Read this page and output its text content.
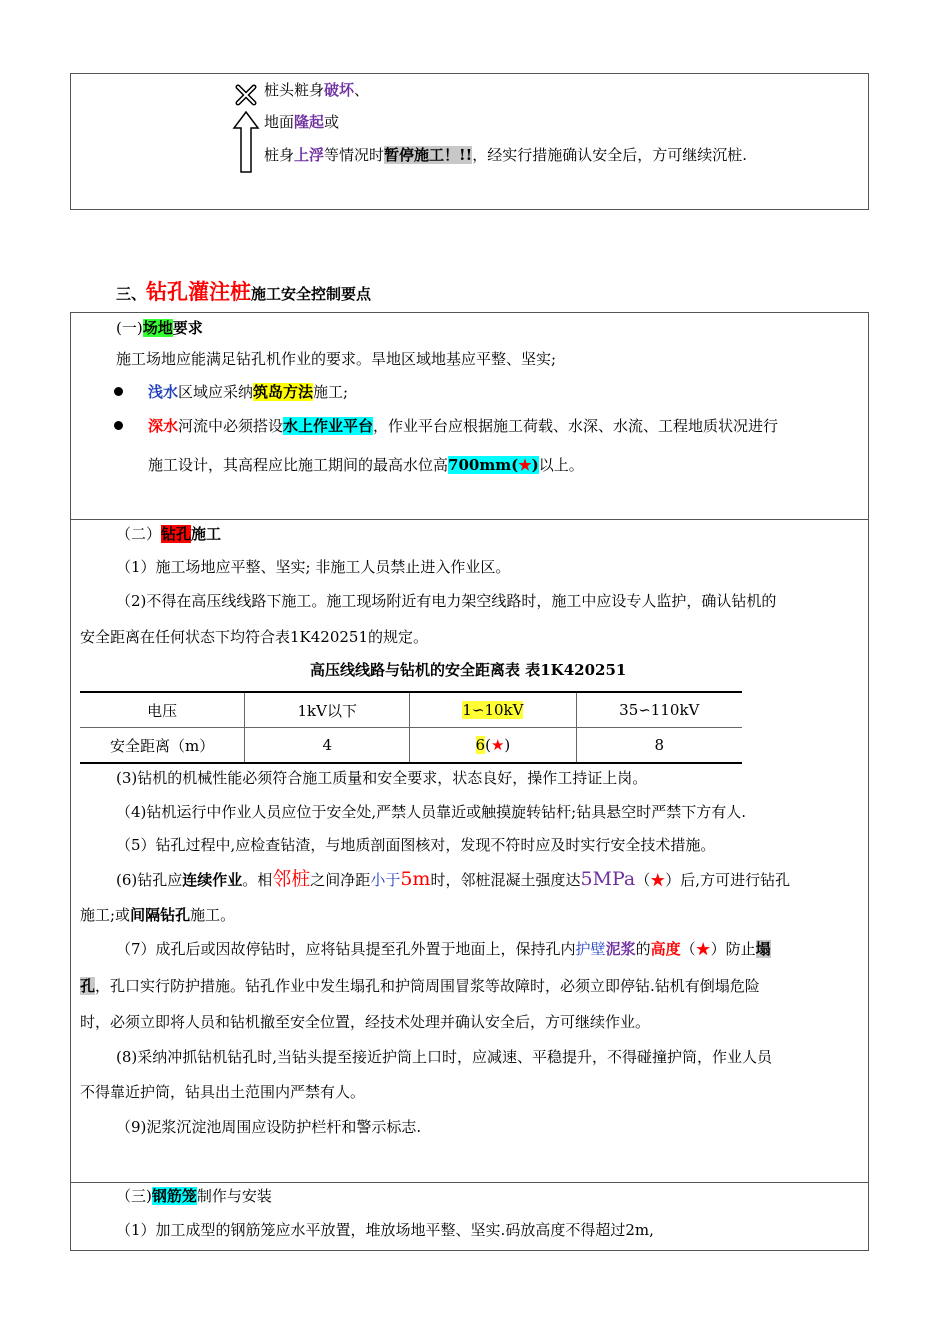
桩头粧身破坏、
地面隆起或
桩身上浮等情况时暂停施工！!!，经实行措施确认安全后，方可继续沉桩.
三、钻孔灌注桩施工安全控制要点
(一)场地要求
施工场地应能满足钻孔机作业的要求。旱地区域地基应平整、坚实;
浅水区域应采纳筑岛方法施工;
深水河流中必须搭设水上作业平台，作业平台应根据施工荷载、水深、水流、工程地质状况进行
施工设计，其高程应比施工期间的最高水位高700mm(★)以上。
（二）钻孔施工
（1）施工场地应平整、坚实; 非施工人员禁止进入作业区。
（2)不得在高压线线路下施工。施工现场附近有电力架空线路时，施工中应设专人监护，确认钻机的
安全距离在任何状态下均符合表1K420251的规定。
高压线线路与钻机的安全距离表 表1K420251
电压	1kV以下	1∽10kV	35∽110kV
安全距离（m）	4	6(★)	8
(3)钻机的机械性能必须符合施工质量和安全要求，状态良好，操作工持证上岗。
（4)钻机运行中作业人员应位于安全处,严禁人员靠近或触摸旋转钻杆;钻具悬空时严禁下方有人.
（5）钻孔过程中,应检查钻渣，与地质剖面图核对，发现不符时应及时实行安全技术措施。
(6)钻孔应连续作业。相邻桩之间净距小于5m时，邻桩混凝土强度达5MPa（★）后,方可进行钻孔
施工;或间隔钻孔施工。
（7）成孔后或因故停钻时，应将钻具提至孔外置于地面上，保持孔内护壁泥浆的高度（★）防止塌
孔，孔口实行防护措施。钻孔作业中发生塌孔和护筒周围冒浆等故障时，必须立即停钻.钻机有倒塌危险
时，必须立即将人员和钻机撤至安全位置，经技术处理并确认安全后，方可继续作业。
(8)采纳冲抓钻机钻孔时,当钻头提至接近护筒上口时，应减速、平稳提升，不得碰撞护筒，作业人员
不得靠近护筒，钻具出土范围内严禁有人。
（9)泥浆沉淀池周围应设防护栏杆和警示标志.
（三)钢筋笼制作与安装
（1）加工成型的钢筋笼应水平放置，堆放场地平整、坚实.码放高度不得超过2m,
